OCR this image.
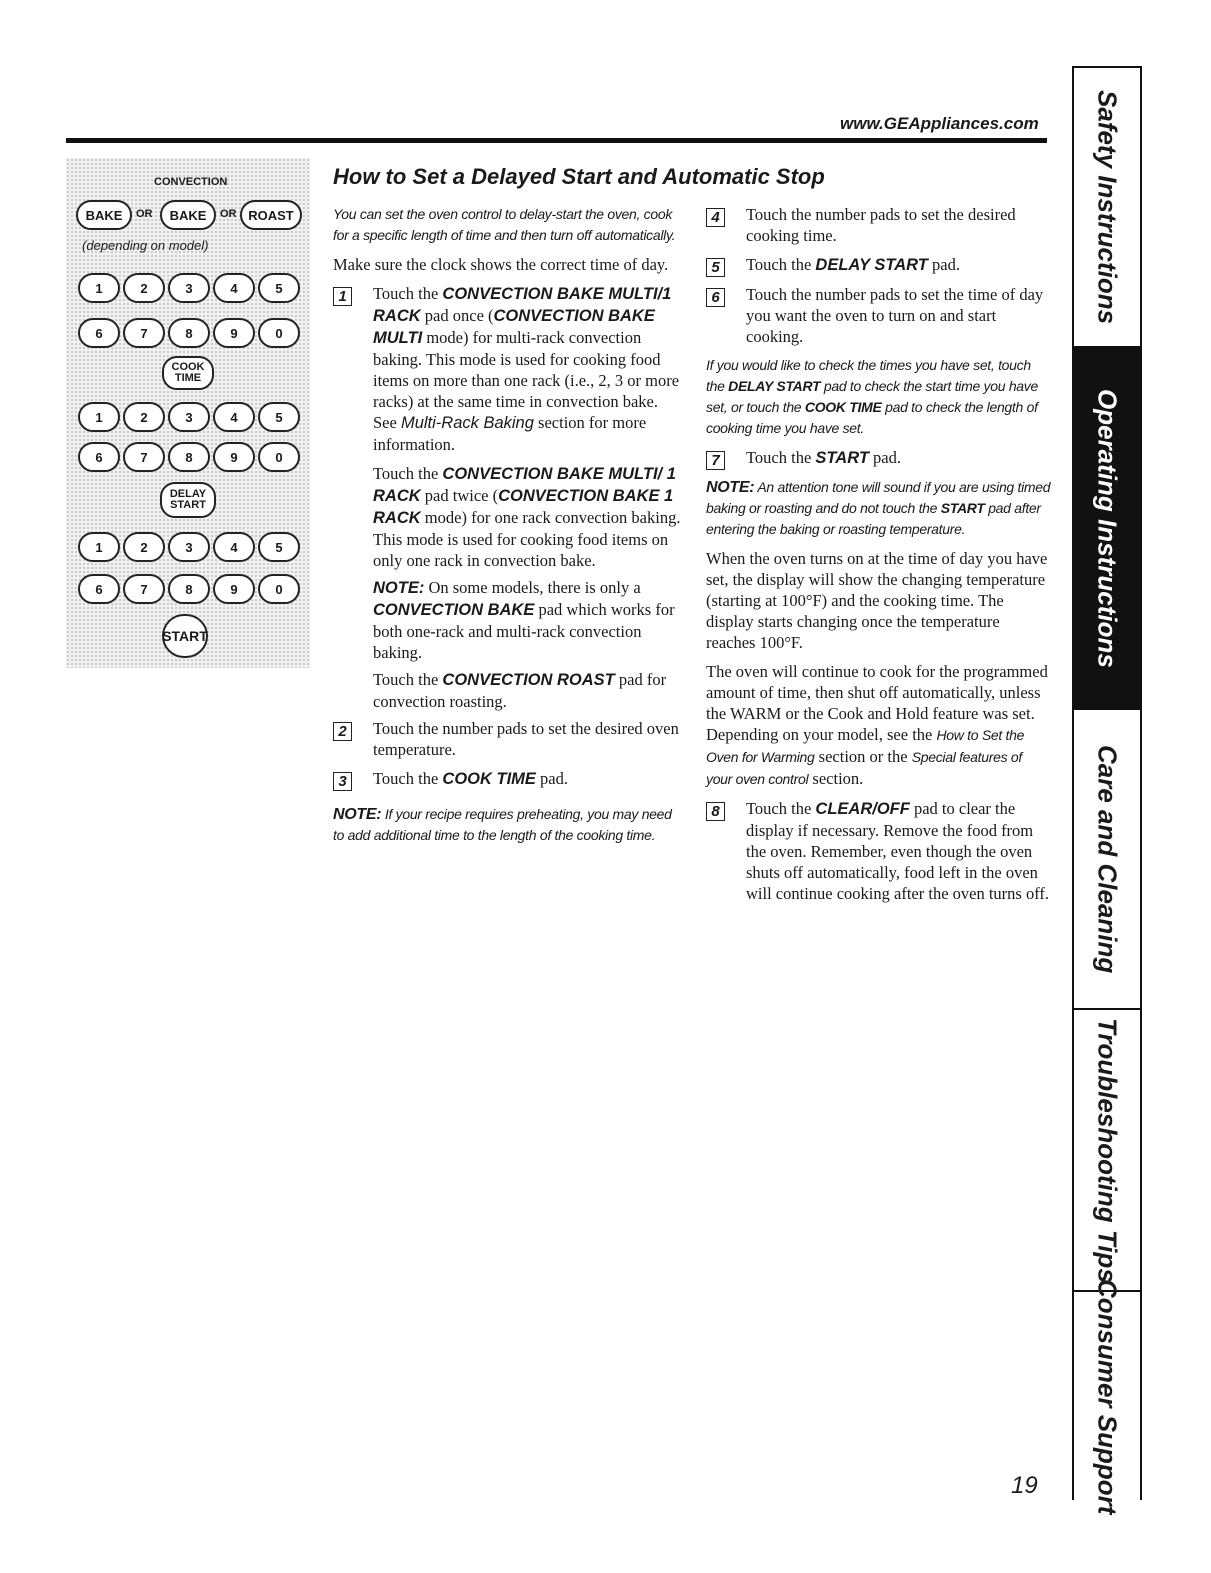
www.GEAppliances.com
CONVECTION
BAKE	OR	BAKE	OR ROAST
(depending on model)
1	2	3	4	5
6	7	8	9	0
COOK TIME
1	2	3	4	5
6	7	8	9	0
DELAY START
1	2	3	4	5
6	7	8	9	0
START
How to Set a Delayed Start and Automatic Stop

You can set the oven control to delay-start the oven, cook for a specific length of time and then turn off automatically.

Make sure the clock shows the correct time of day.

1	Touch the CONVECTION BAKE MULTI/1 RACK pad once (CONVECTION BAKE MULTI mode) for multi-rack convection baking. This mode is used for cooking food items on more than one rack (i.e., 2, 3 or more racks) at the same time in convection bake. See Multi-Rack Baking section for more information.

Touch the CONVECTION BAKE MULTI/ 1 RACK pad twice (CONVECTION BAKE 1 RACK mode) for one rack convection baking. This mode is used for cooking food items on only one rack in convection bake.

NOTE: On some models, there is only a CONVECTION BAKE pad which works for both one-rack and multi-rack convection baking.

Touch the CONVECTION ROAST pad for convection roasting.

2	Touch the number pads to set the desired oven temperature.

3	Touch the COOK TIME pad.

NOTE: If your recipe requires preheating, you may need to add additional time to the length of the cooking time.

4	Touch the number pads to set the desired cooking time.

5	Touch the DELAY START pad.

6	Touch the number pads to set the time of day you want the oven to turn on and start cooking.

If you would like to check the times you have set, touch the DELAY START pad to check the start time you have set, or touch the COOK TIME pad to check the length of cooking time you have set.

7	Touch the START pad.

NOTE: An attention tone will sound if you are using timed baking or roasting and do not touch the START pad after entering the baking or roasting temperature.

When the oven turns on at the time of day you have set, the display will show the changing temperature (starting at 100°F) and the cooking time. The display starts changing once the temperature reaches 100°F.

The oven will continue to cook for the programmed amount of time, then shut off automatically, unless the WARM or the Cook and Hold feature was set. Depending on your model, see the How to Set the Oven for Warming section or the Special features of your oven control section.

8	Touch the CLEAR/OFF pad to clear the display if necessary. Remove the food from the oven. Remember, even though the oven shuts off automatically, food left in the oven will continue cooking after the oven turns off.

Safety Instructions
Operating Instructions
Care and Cleaning
Troubleshooting Tips
Consumer Support
19
